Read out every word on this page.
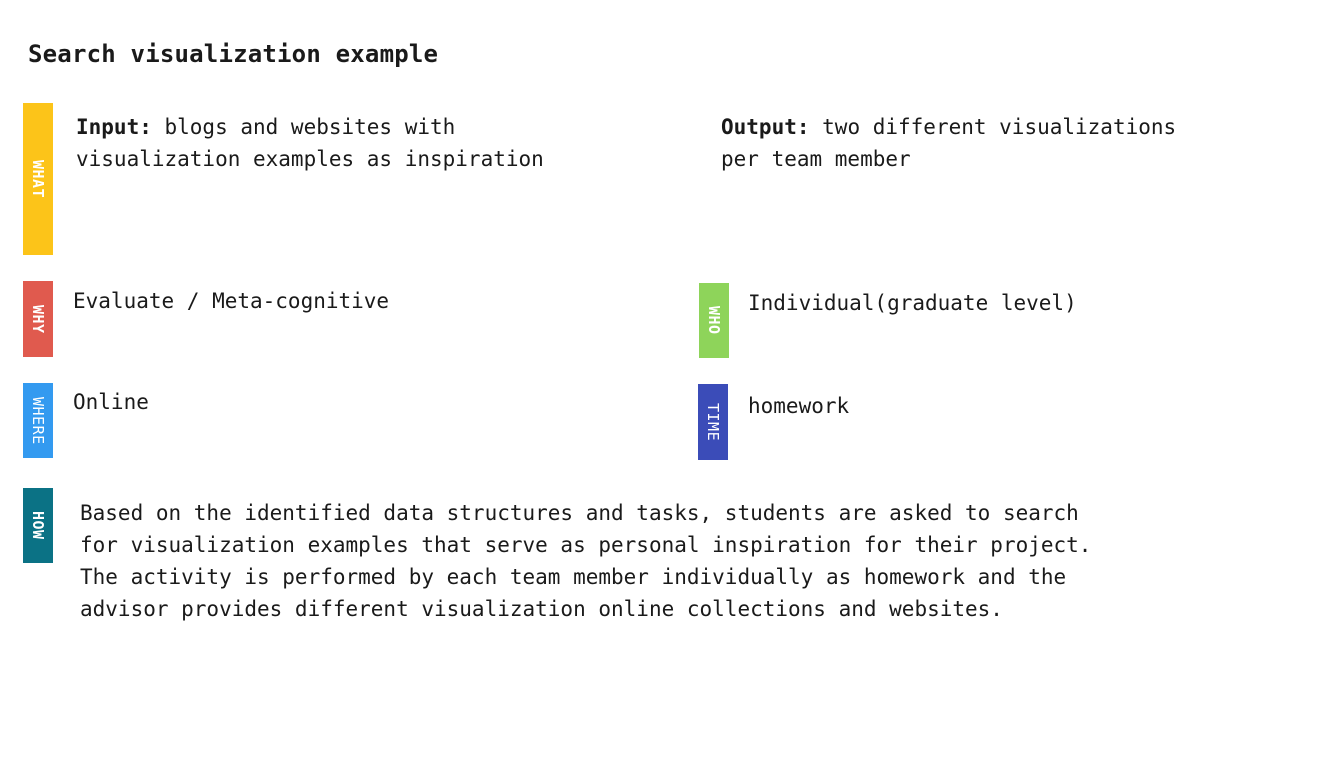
Search visualization example
WHAT
Input: blogs and websites with
visualization examples as inspiration
Output: two different visualizations
per team member
WHY
Evaluate / Meta-cognitive
WHO
Individual(graduate level)
WHERE Online
TIME homework
HOW Based on the identified data structures and tasks, students are asked to search
for visualization examples that serve as personal inspiration for their project.
The activity is performed by each team member individually as homework and the
advisor provides different visualization online collections and websites.
